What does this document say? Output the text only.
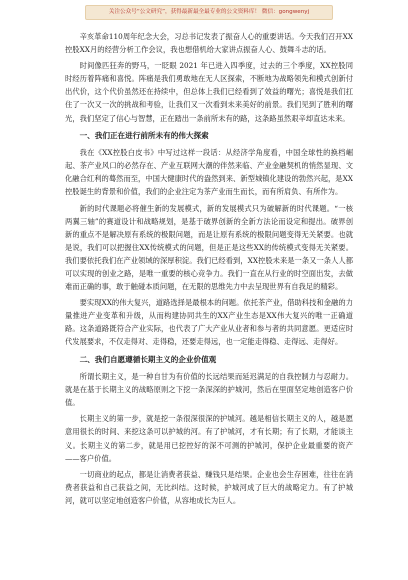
关注公众号“公文研究”，获得最新最全最专业的公文资料库！ 微信：gongwenyj

辛亥革命110周年纪念大会，习总书记发表了振奋人心的重要讲话。今天我们召开XX控股XX月的经营分析工作会议，我也想借机给大家讲点振奋人心、鼓舞斗志的话。

时间像匹狂奔的野马，一眨眼 2021 年已进入四季度，过去的三个季度，XX控股同时经历着阵痛和喜悦。阵痛是我们勇敢地在无人区探索，不断地为战略领先和模式创新付出代价，这个代价虽然还在持续中，但总体上我们已经看到了效益的曙光；喜悦是我们扛住了一次又一次的挑战和考验，让我们又一次看到未来美好的前景。我们见到了胜利的曙光，我们坚定了信心与智慧，正在踏出一条前所未有的路，这条路虽然艰辛却直达未来。

一、我们正在进行前所未有的伟大探索

我在《XX控股白皮书》中写过这样一段话：从经济学角度看，中国全球性的换档崛起、茶产业风口的必然存在、产业互联网大潮的伴然来临、产业金融契机的悄然显现、文化融合红利的蓦然而至，中国大健康时代的盎然到来、新型城镇化建设的勃然兴起，是XX控股诞生的背景和价值，我们的企业注定为茶产业而生而长，而有所肩负、有所作为。

新的时代课题必将催生新的发展模式，新的发展模式只为破解新的时代课题。“一核两翼三轴”的赛道设计和战略规划，是基于破界创新的全新方法论而设定和提出。破界创新的重点不是解决原有系统的极限问题，而是让原有系统的极限问题变得无关紧要。也就是说，我们可以把握住XX传统模式的问题，但是正是这些XX的传统模式变得无关紧要。我们要依托我们在产业领域的深厚积淀。我们已经看到，XX控股未来是一条又一条人人都可以实现的创业之路，是唯一重要的核心竞争力。我们一直在从行业的时空面出发，去做难而正确的事，敢于触碰本质问题，在无限的思维先力中去呈现世界有自我足的精彩。

要实现XX的伟大复兴，道路选择是最根本的问题。依托茶产业，借助科技和金融的力量推进产业变革和升级，从而构建协同共生的XX产业生态是XX伟大复兴的唯一正确道路。这条道路既符合产业实际，也代表了广大产业从业者和参与者的共同意愿。更适应时代发展要求，不仅走得对、走得稳，还要走得远，也一定能走得稳、走得远、走得好。

二、我们自愿遵循长期主义的企业价值观

所谓长期主义，是一种自甘为有价值的长远结果而延迟满足的自我控制力与忍耐力。就是在基于长期主义的战略原则之下挖一条深深的护城河，然后在里面坚定地创造客户价值。

长期主义的第一步，就是挖一条很深很深的护城河。越是相信长期主义的人，越是愿意用很长的时间、来挖这条可以护城的河。有了护城河，才有长期；有了长期，才能谈主义。长期主义的第二步，就是用已挖控好的深不可测的护城河，保护企业最重要的资产——客户价值。

一切商业的起点，都是让消费者获益、赚钱只是结果。企业也会生存困难，往往在消费者获益和自己获益之间，无比纠结。这时候，护城河成了巨大的战略定力。有了护城河，就可以坚定地创造客户价值，从容地成长为巨人。
